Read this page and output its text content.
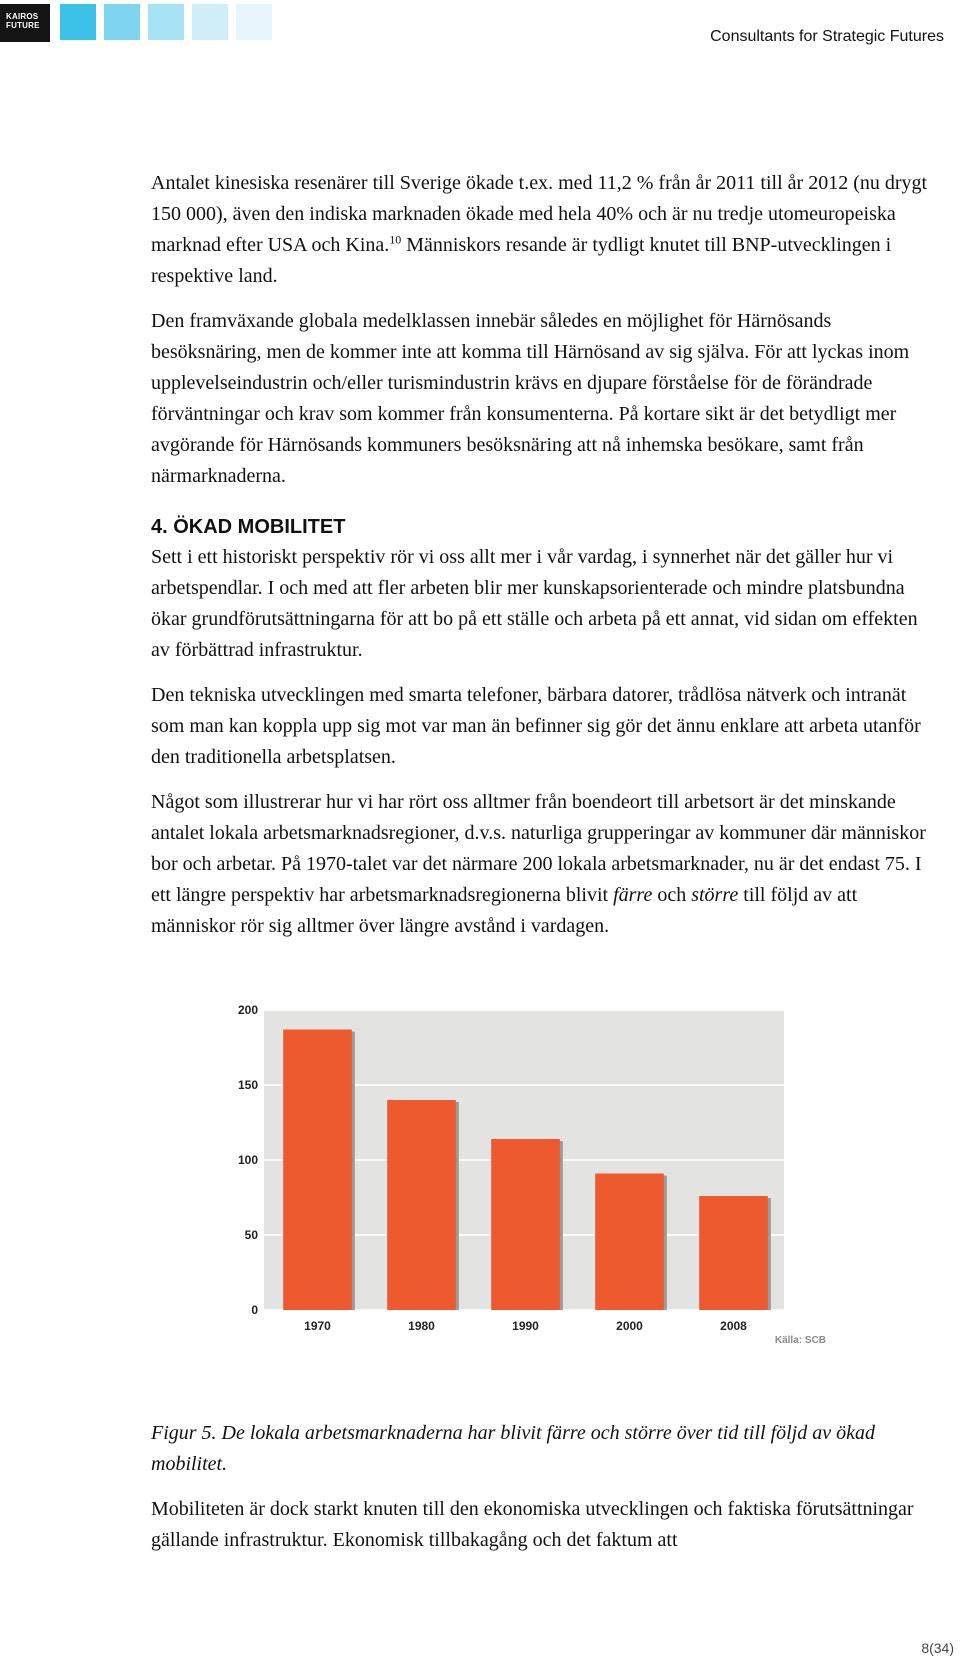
KAIROS
FUTURE
Consultants for Strategic Futures

Antalet kinesiska resenärer till Sverige ökade t.ex. med 11,2 % från år 2011 till år 2012 (nu drygt 150 000), även den indiska marknaden ökade med hela 40% och är nu tredje utomeuropeiska marknad efter USA och Kina.$^{10}$ Människors resande är tydligt knutet till BNP-utvecklingen i respektive land.

Den framväxande globala medelklassen innebär således en möjlighet för Härnösands besöksnäring, men de kommer inte att komma till Härnösand av sig själva. För att lyckas inom upplevelseindustrin och/eller turismindustrin krävs en djupare förståelse för de förändrade förväntningar och krav som kommer från konsumenterna. På kortare sikt är det betydligt mer avgörande för Härnösands kommuners besöksnäring att nå inhemska besökare, samt från närmarknaderna.

4. ÖKAD MOBILITET

Sett i ett historiskt perspektiv rör vi oss allt mer i vår vardag, i synnerhet när det gäller hur vi arbetspendlar. I och med att fler arbeten blir mer kunskapsorienterade och mindre platsbundna ökar grundförutsättningarna för att bo på ett ställe och arbeta på ett annat, vid sidan om effekten av förbättrad infrastruktur.

Den tekniska utvecklingen med smarta telefoner, bärbara datorer, trådlösa nätverk och intranät som man kan koppla upp sig mot var man än befinner sig gör det ännu enklare att arbeta utanför den traditionella arbetsplatsen.

Något som illustrerar hur vi har rört oss alltmer från boendeort till arbetsort är det minskande antalet lokala arbetsmarknadsregioner, d.v.s. naturliga grupperingar av kommuner där människor bor och arbetar. På 1970-talet var det närmare 200 lokala arbetsmarknader, nu är det endast 75. I ett längre perspektiv har arbetsmarknadsregionerna blivit färre och större till följd av att människor rör sig alltmer över längre avstånd i vardagen.

0
50
100
150
200
1970	1980	1990	2000	2008
Källa: SCB

Figur 5. De lokala arbetsmarknaderna har blivit färre och större över tid till följd av ökad mobilitet.

Mobiliteten är dock starkt knuten till den ekonomiska utvecklingen och faktiska förutsättningar gällande infrastruktur. Ekonomisk tillbakagång och det faktum att

8(34)
